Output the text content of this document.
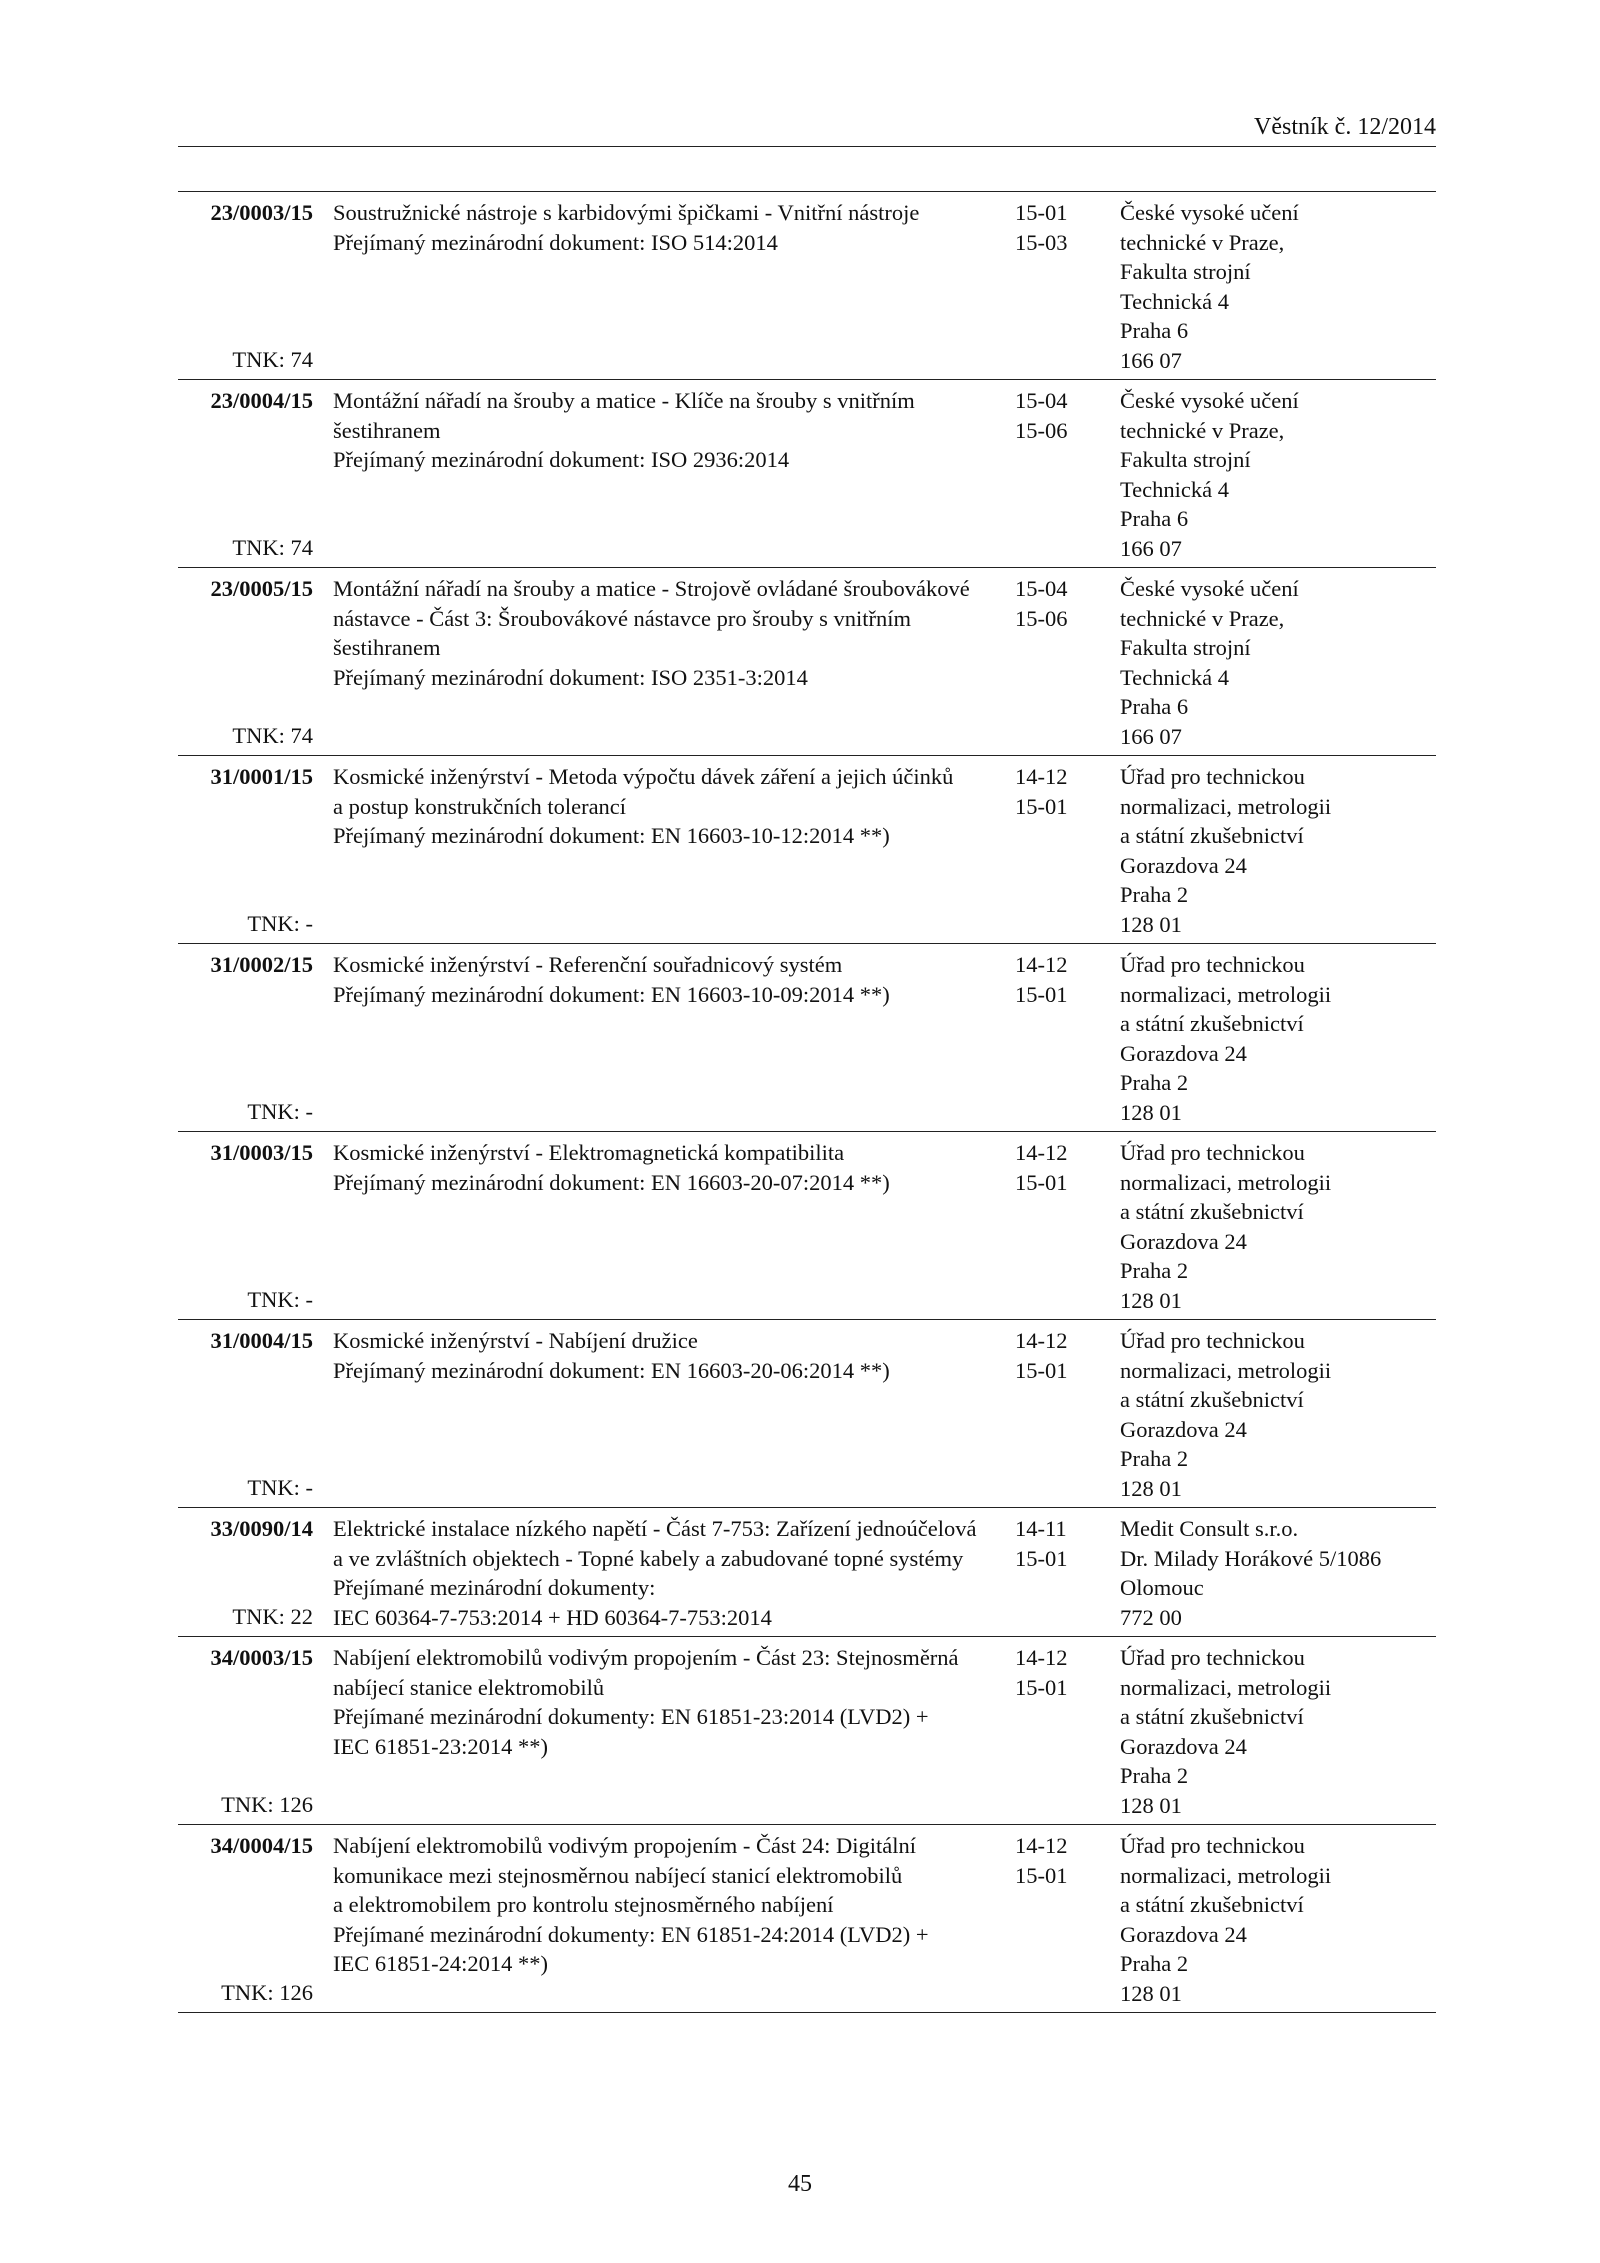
Věstník č. 12/2014
23/0003/15
TNK: 74
Soustružnické nástroje s karbidovými špičkami - Vnitřní nástroje
Přejímaný mezinárodní dokument: ISO 514:2014
15-01
15-03
České vysoké učení
technické v Praze,
Fakulta strojní
Technická 4
Praha 6
166 07
23/0004/15
TNK: 74
Montážní nářadí na šrouby a matice - Klíče na šrouby s vnitřním
šestihranem
Přejímaný mezinárodní dokument: ISO 2936:2014
15-04
15-06
České vysoké učení
technické v Praze,
Fakulta strojní
Technická 4
Praha 6
166 07
23/0005/15
TNK: 74
Montážní nářadí na šrouby a matice - Strojově ovládané šroubovákové
nástavce - Část 3: Šroubovákové nástavce pro šrouby s vnitřním
šestihranem
Přejímaný mezinárodní dokument: ISO 2351-3:2014
15-04
15-06
České vysoké učení
technické v Praze,
Fakulta strojní
Technická 4
Praha 6
166 07
31/0001/15
TNK: -
Kosmické inženýrství - Metoda výpočtu dávek záření a jejich účinků
a postup konstrukčních tolerancí
Přejímaný mezinárodní dokument: EN 16603-10-12:2014 **)
14-12
15-01
Úřad pro technickou
normalizaci, metrologii
a státní zkušebnictví
Gorazdova 24
Praha 2
128 01
31/0002/15
TNK: -
Kosmické inženýrství - Referenční souřadnicový systém
Přejímaný mezinárodní dokument: EN 16603-10-09:2014 **)
14-12
15-01
Úřad pro technickou
normalizaci, metrologii
a státní zkušebnictví
Gorazdova 24
Praha 2
128 01
31/0003/15
TNK: -
Kosmické inženýrství - Elektromagnetická kompatibilita
Přejímaný mezinárodní dokument: EN 16603-20-07:2014 **)
14-12
15-01
Úřad pro technickou
normalizaci, metrologii
a státní zkušebnictví
Gorazdova 24
Praha 2
128 01
31/0004/15
TNK: -
Kosmické inženýrství - Nabíjení družice
Přejímaný mezinárodní dokument: EN 16603-20-06:2014 **)
14-12
15-01
Úřad pro technickou
normalizaci, metrologii
a státní zkušebnictví
Gorazdova 24
Praha 2
128 01
33/0090/14
TNK: 22
Elektrické instalace nízkého napětí - Část 7-753: Zařízení jednoúčelová
a ve zvláštních objektech - Topné kabely a zabudované topné systémy
Přejímané mezinárodní dokumenty:
IEC 60364-7-753:2014 + HD 60364-7-753:2014
14-11
15-01
Medit Consult s.r.o.
Dr. Milady Horákové 5/1086
Olomouc
772 00
34/0003/15
TNK: 126
Nabíjení elektromobilů vodivým propojením - Část 23: Stejnosměrná
nabíjecí stanice elektromobilů
Přejímané mezinárodní dokumenty: EN 61851-23:2014 (LVD2) +
IEC 61851-23:2014 **)
14-12
15-01
Úřad pro technickou
normalizaci, metrologii
a státní zkušebnictví
Gorazdova 24
Praha 2
128 01
34/0004/15
TNK: 126
Nabíjení elektromobilů vodivým propojením - Část 24: Digitální
komunikace mezi stejnosměrnou nabíjecí stanicí elektromobilů
a elektromobilem pro kontrolu stejnosměrného nabíjení
Přejímané mezinárodní dokumenty: EN 61851-24:2014 (LVD2) +
IEC 61851-24:2014 **)
14-12
15-01
Úřad pro technickou
normalizaci, metrologii
a státní zkušebnictví
Gorazdova 24
Praha 2
128 01
45
